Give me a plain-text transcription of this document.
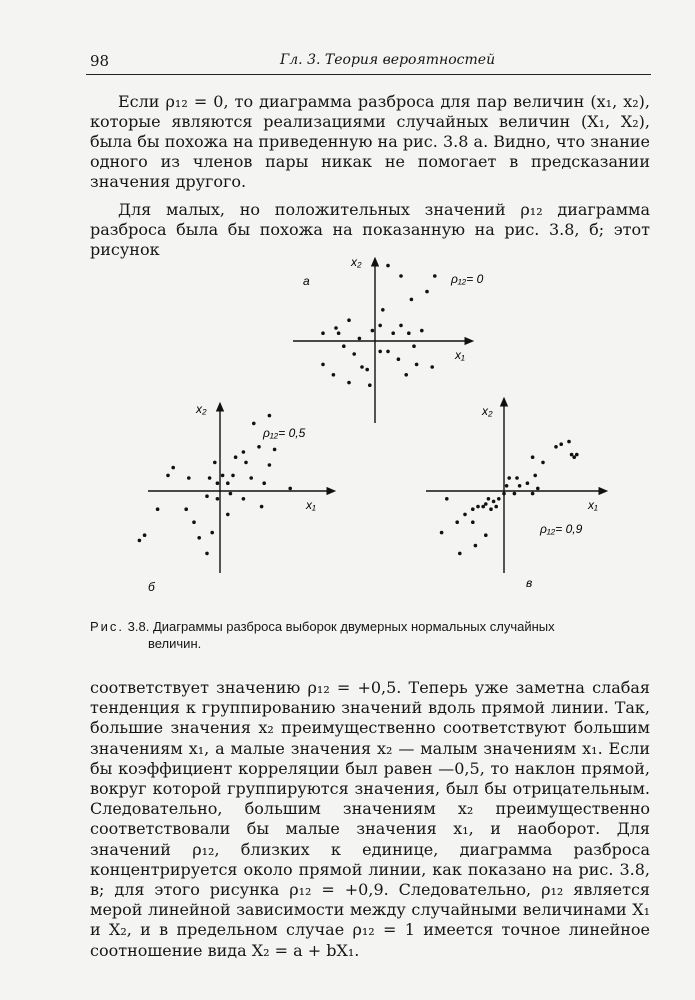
98	Гл. 3. Теория вероятностей

Если ρ₁₂ = 0, то диаграмма разброса для пар величин (x₁, x₂), которые являются реализациями случайных величин (X₁, X₂), была бы похожа на приведенную на рис. 3.8 а. Видно, что знание одного из членов пары никак не помогает в предсказании значения другого.

Для малых, но положительных значений ρ₁₂ диаграмма разброса была бы похожа на показанную на рис. 3.8, б; этот рисунок

x₂
x₁
ρ₁₂= 0
а
x₂
x₁
ρ₁₂= 0,5
б
x₂
x₁
ρ₁₂= 0,9
в
Рис. 3.8. Диаграммы разброса выборок двумерных нормальных случайных
величин.

соответствует значению ρ₁₂ = +0,5. Теперь уже заметна слабая тенденция к группированию значений вдоль прямой линии. Так, большие значения x₂ преимущественно соответствуют большим значениям x₁, а малые значения x₂ — малым значениям x₁. Если бы коэффициент корреляции был равен —0,5, то наклон прямой, вокруг которой группируются значения, был бы отрицательным. Следовательно, большим значениям x₂ преимущественно соответствовали бы малые значения x₁, и наоборот. Для значений ρ₁₂, близких к единице, диаграмма разброса концентрируется около прямой линии, как показано на рис. 3.8, в; для этого рисунка ρ₁₂ = +0,9. Следовательно, ρ₁₂ является мерой линейной зависимости между случайными величинами X₁ и X₂, и в предельном случае ρ₁₂ = 1 имеется точное линейное соотношение вида X₂ = a + bX₁.
